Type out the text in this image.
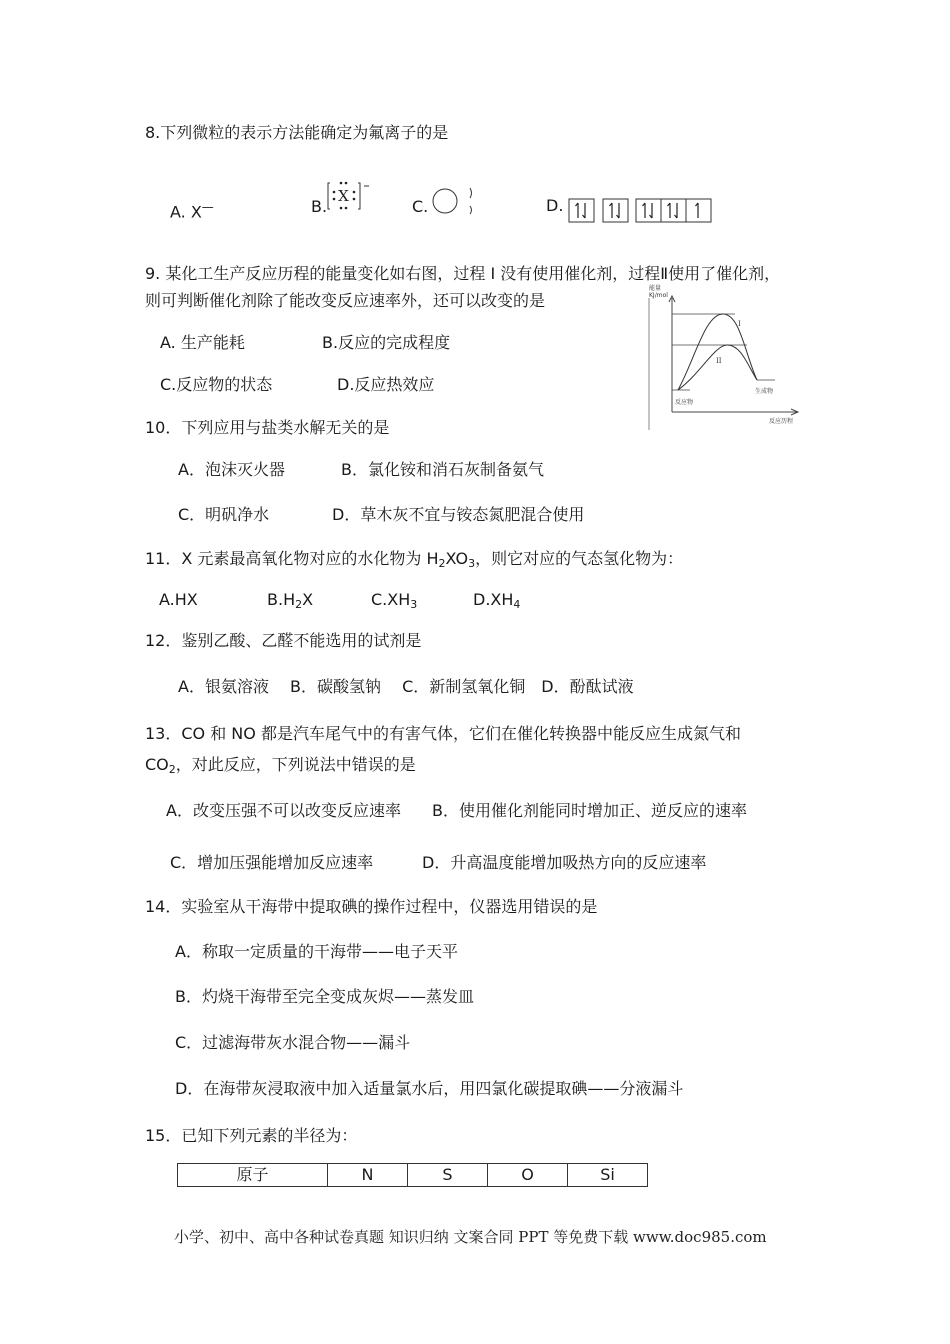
8.下列微粒的表示方法能确定为氟离子的是
A. X—	B.
X
C.	D.
9. 某化工生产反应历程的能量变化如右图，过程 I 没有使用催化剂，过程Ⅱ使用了催化剂，
则可判断催化剂除了能改变反应速率外，还可以改变的是
A. 生产能耗	B.反应的完成程度
C.反应物的状态	D.反应热效应
能量
KJ/mol
I
II
反应物
生成物
反应历程
10．下列应用与盐类水解无关的是
A．泡沫灭火器	B．氯化铵和消石灰制备氨气
C．明矾净水	D．草木灰不宜与铵态氮肥混合使用
11．X 元素最高氧化物对应的水化物为 $H_2XO_3$，则它对应的气态氢化物为：
A.HX	$B.H_2X$	$C.XH_3$	$D.XH_4$
12．鉴别乙酸、乙醛不能选用的试剂是
A．银氨溶液　 B．碳酸氢钠　 C．新制氢氧化铜　D．酚酞试液
13．CO 和 NO 都是汽车尾气中的有害气体，它们在催化转换器中能反应生成氮气和
$CO_2$，对此反应，下列说法中错误的是
A．改变压强不可以改变反应速率 B．使用催化剂能同时增加正、逆反应的速率
C．增加压强能增加反应速率	D．升高温度能增加吸热方向的反应速率
14．实验室从干海带中提取碘的操作过程中，仪器选用错误的是
A．称取一定质量的干海带——电子天平
B．灼烧干海带至完全变成灰烬——蒸发皿
C．过滤海带灰水混合物——漏斗
D．在海带灰浸取液中加入适量氯水后，用四氯化碳提取碘——分液漏斗
15．已知下列元素的半径为：
原子	N	S	O	Si
小学、初中、高中各种试卷真题 知识归纳 文案合同 PPT 等免费下载 www.doc985.com
